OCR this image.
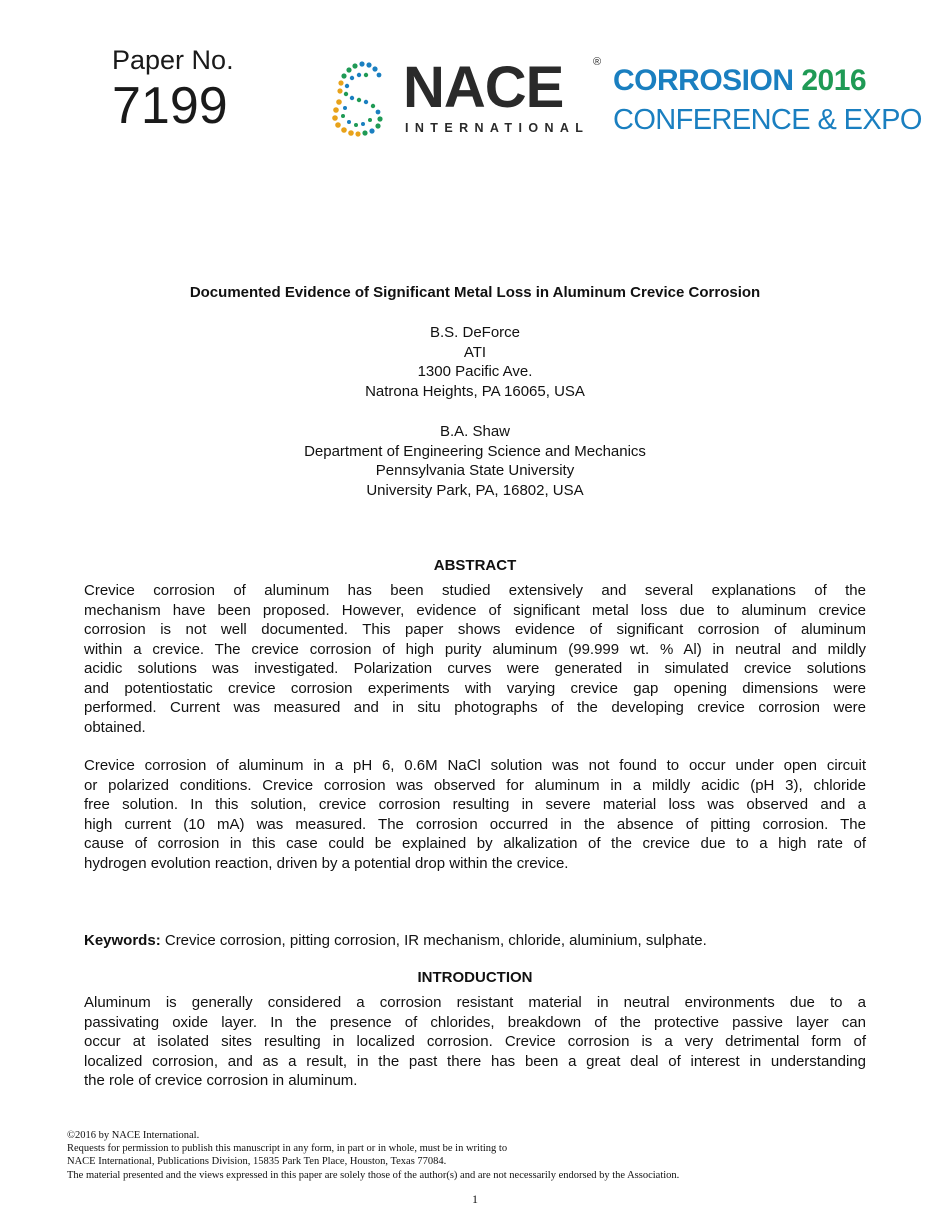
Paper No.
7199	NACE	®
INTERNATIONAL
CORROSION 2016
CONFERENCE & EXPO
Documented Evidence of Significant Metal Loss in Aluminum Crevice Corrosion
B.S. DeForce
ATI
1300 Pacific Ave.
Natrona Heights, PA 16065, USA
B.A. Shaw
Department of Engineering Science and Mechanics
Pennsylvania State University
University Park, PA, 16802, USA
ABSTRACT
Crevice corrosion of aluminum has been studied extensively and several explanations of the
mechanism have been proposed. However, evidence of significant metal loss due to aluminum crevice
corrosion is not well documented. This paper shows evidence of significant corrosion of aluminum
within a crevice. The crevice corrosion of high purity aluminum (99.999 wt. % Al) in neutral and mildly
acidic solutions was investigated. Polarization curves were generated in simulated crevice solutions
and potentiostatic crevice corrosion experiments with varying crevice gap opening dimensions were
performed. Current was measured and in situ photographs of the developing crevice corrosion were
obtained.
Crevice corrosion of aluminum in a pH 6, 0.6M NaCl solution was not found to occur under open circuit
or polarized conditions. Crevice corrosion was observed for aluminum in a mildly acidic (pH 3), chloride
free solution. In this solution, crevice corrosion resulting in severe material loss was observed and a
high current (10 mA) was measured. The corrosion occurred in the absence of pitting corrosion. The
cause of corrosion in this case could be explained by alkalization of the crevice due to a high rate of
hydrogen evolution reaction, driven by a potential drop within the crevice.
Keywords: Crevice corrosion, pitting corrosion, IR mechanism, chloride, aluminium, sulphate.
INTRODUCTION
Aluminum is generally considered a corrosion resistant material in neutral environments due to a
passivating oxide layer. In the presence of chlorides, breakdown of the protective passive layer can
occur at isolated sites resulting in localized corrosion. Crevice corrosion is a very detrimental form of
localized corrosion, and as a result, in the past there has been a great deal of interest in understanding
the role of crevice corrosion in aluminum.
©2016 by NACE International.
Requests for permission to publish this manuscript in any form, in part or in whole, must be in writing to
NACE International, Publications Division, 15835 Park Ten Place, Houston, Texas 77084.
The material presented and the views expressed in this paper are solely those of the author(s) and are not necessarily endorsed by the Association.
1
